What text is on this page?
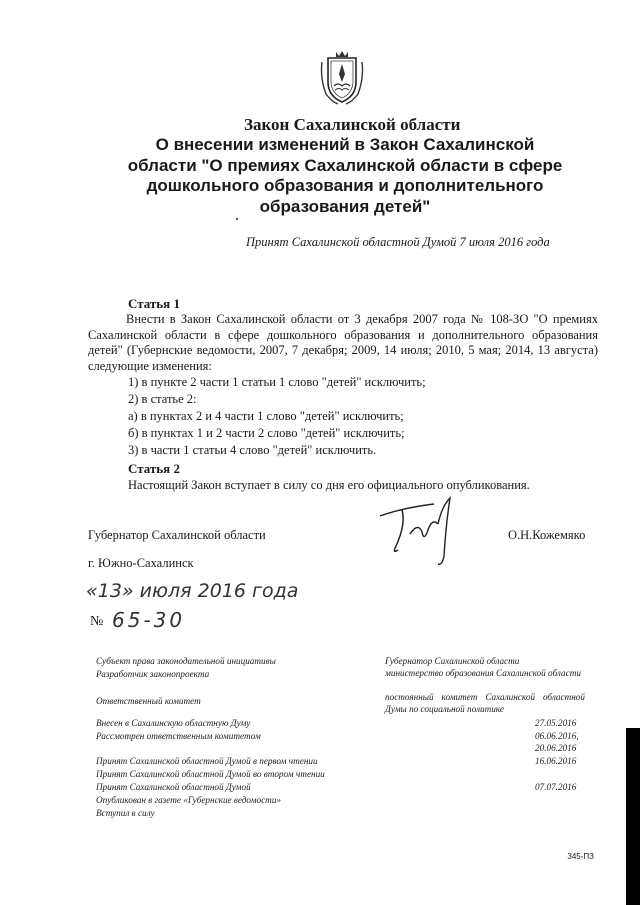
Закон Сахалинской области
О внесении изменений в Закон Сахалинской
области "О премиях Сахалинской области в сфере
дошкольного образования и дополнительного
образования детей"
Принят Сахалинской областной Думой 7 июля 2016 года
Статья 1
Внести в Закон Сахалинской области от 3 декабря 2007 года № 108-ЗО "О премиях Сахалинской области в сфере дошкольного образования и дополнительного образования детей" (Губернские ведомости, 2007, 7 декабря; 2009, 14 июля; 2010, 5 мая; 2014, 13 августа) следующие изменения:
1) в пункте 2 части 1 статьи 1 слово "детей" исключить;
2) в статье 2:
а) в пунктах 2 и 4 части 1 слово "детей" исключить;
б) в пунктах 1 и 2 части 2 слово "детей" исключить;
3) в части 1 статьи 4 слово "детей" исключить.
Статья 2
Настоящий Закон вступает в силу со дня его официального опубликования.
Губернатор Сахалинской области	О.Н.Кожемяко
г. Южно-Сахалинск
«13» июля 2016 года
№ 65-30
Субъект права законодательной инициативы
Разработчик законопроекта
Ответственный комитет
Внесен в Сахалинскую областную Думу
Рассмотрен ответственным комитетом
Принят Сахалинской областной Думой в первом чтении
Принят Сахалинской областной Думой во втором чтении
Принят Сахалинской областной Думой
Опубликован в газете «Губернские ведомости»
Вступил в силу
Губернатор Сахалинской области
министерство образования Сахалинской области
постоянный комитет Сахалинской областной Думы по социальной политике
27.05.2016
06.06.2016,
20.06.2016
16.06.2016
07.07.2016
345-ПЗ
